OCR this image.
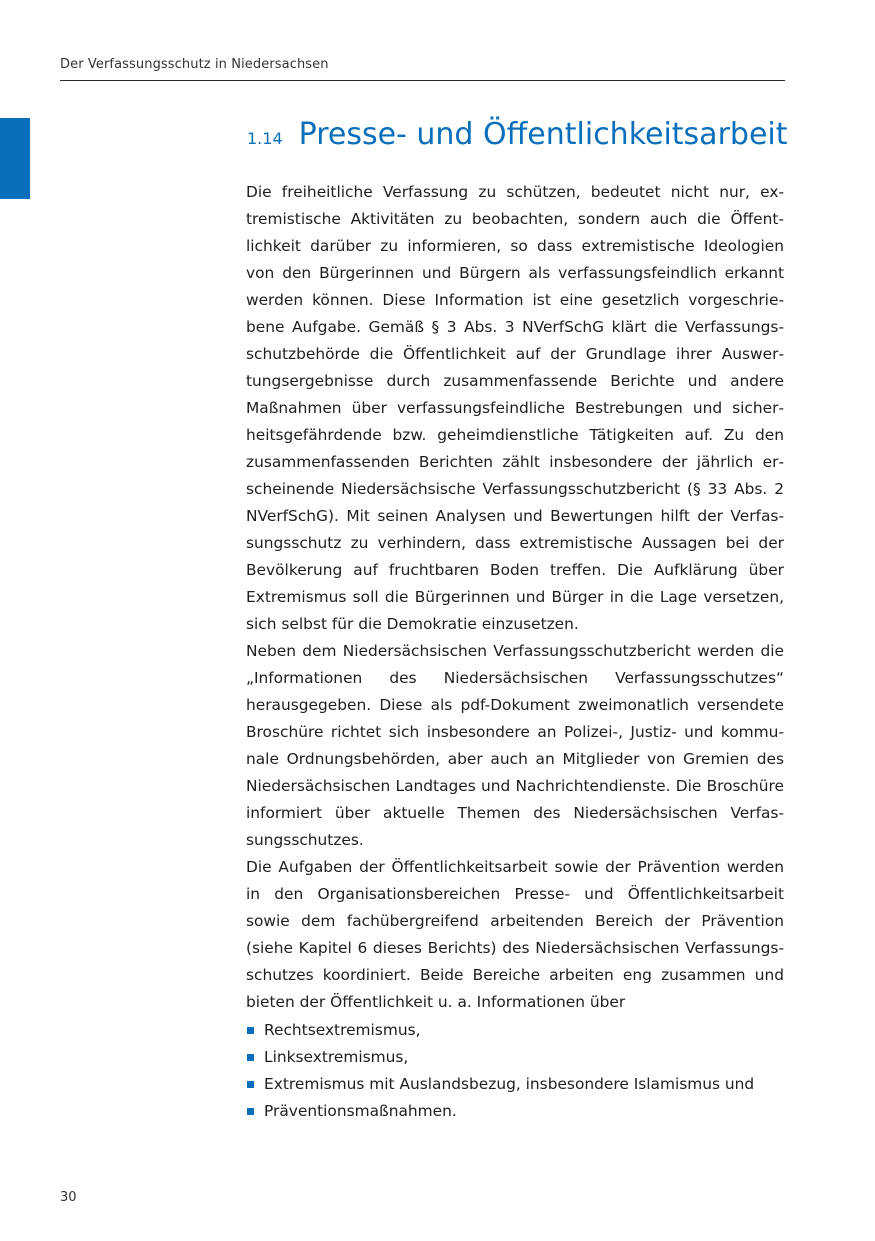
Der Verfassungsschutz in Niedersachsen
1.14 Presse- und Öffentlichkeitsarbeit

Die freiheitliche Verfassung zu schützen, bedeutet nicht nur, extremistische Aktivitäten zu beobachten, sondern auch die Öffentlichkeit darüber zu informieren, so dass extremistische Ideologien von den Bürgerinnen und Bürgern als verfassungsfeindlich erkannt werden können. Diese Information ist eine gesetzlich vorgeschriebene Aufgabe. Gemäß § 3 Abs. 3 NVerfSchG klärt die Verfassungsschutzbehörde die Öffentlichkeit auf der Grundlage ihrer Auswertungsergebnisse durch zusammenfassende Berichte und andere Maßnahmen über verfassungsfeindliche Bestrebungen und sicherheitsgefährdende bzw. geheimdienstliche Tätigkeiten auf. Zu den zusammenfassenden Berichten zählt insbesondere der jährlich erscheinende Niedersächsische Verfassungsschutzbericht (§ 33 Abs. 2 NVerfSchG). Mit seinen Analysen und Bewertungen hilft der Verfassungsschutz zu verhindern, dass extremistische Aussagen bei der Bevölkerung auf fruchtbaren Boden treffen. Die Aufklärung über Extremismus soll die Bürgerinnen und Bürger in die Lage versetzen, sich selbst für die Demokratie einzusetzen.

Neben dem Niedersächsischen Verfassungsschutzbericht werden die „Informationen des Niedersächsischen Verfassungsschutzes“ herausgegeben. Diese als pdf-Dokument zweimonatlich versendete Broschüre richtet sich insbesondere an Polizei-, Justiz- und kommunale Ordnungsbehörden, aber auch an Mitglieder von Gremien des Niedersächsischen Landtages und Nachrichtendienste. Die Broschüre informiert über aktuelle Themen des Niedersächsischen Verfassungsschutzes.

Die Aufgaben der Öffentlichkeitsarbeit sowie der Prävention werden in den Organisationsbereichen Presse- und Öffentlichkeitsarbeit sowie dem fachübergreifend arbeitenden Bereich der Prävention (siehe Kapitel 6 dieses Berichts) des Niedersächsischen Verfassungsschutzes koordiniert. Beide Bereiche arbeiten eng zusammen und bieten der Öffentlichkeit u. a. Informationen über

Rechtsextremismus,
Linksextremismus,
Extremismus mit Auslandsbezug, insbesondere Islamismus und
Präventionsmaßnahmen.
30
